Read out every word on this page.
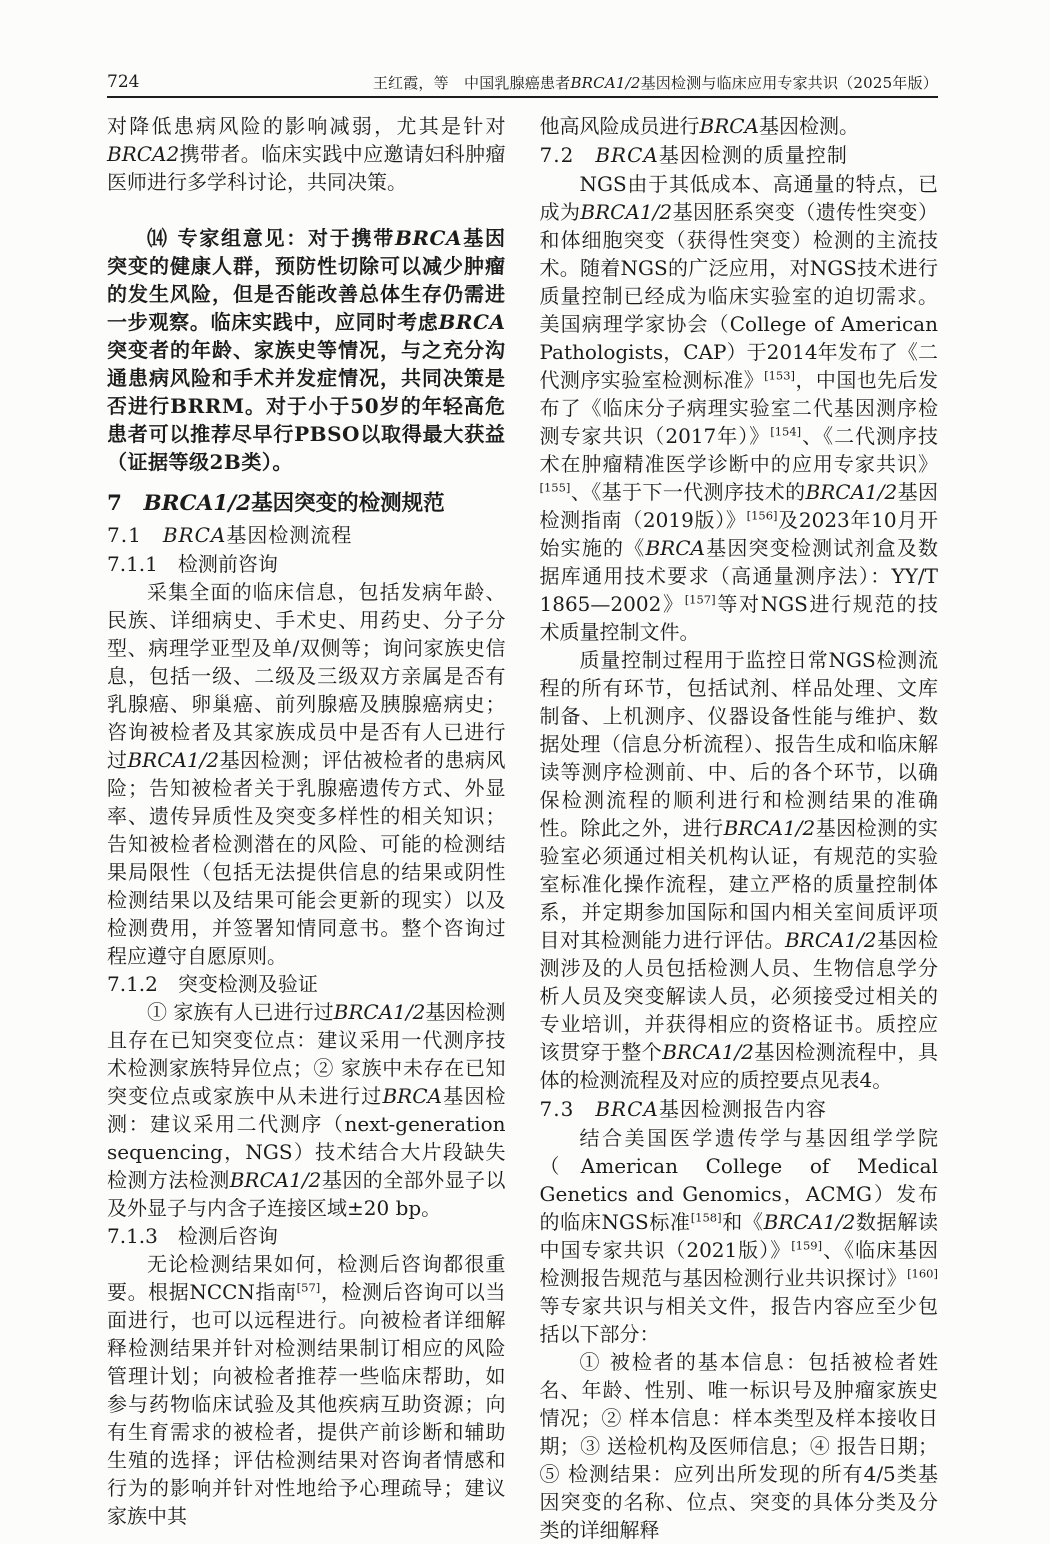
724	王红霞，等　中国乳腺癌患者BRCA1/2基因检测与临床应用专家共识（2025年版）
对降低患病风险的影响减弱，尤其是针对BRCA2携带者。临床实践中应邀请妇科肿瘤医师进行多学科讨论，共同决策。
⒁ 专家组意见：对于携带BRCA基因突变的健康人群，预防性切除可以减少肿瘤的发生风险，但是否能改善总体生存仍需进一步观察。临床实践中，应同时考虑BRCA突变者的年龄、家族史等情况，与之充分沟通患病风险和手术并发症情况，共同决策是否进行BRRM。对于小于50岁的年轻高危患者可以推荐尽早行PBSO以取得最大获益（证据等级2B类）。
7　BRCA1/2基因突变的检测规范
7.1　BRCA基因检测流程
7.1.1　检测前咨询
采集全面的临床信息，包括发病年龄、民族、详细病史、手术史、用药史、分子分型、病理学亚型及单/双侧等；询问家族史信息，包括一级、二级及三级双方亲属是否有乳腺癌、卵巢癌、前列腺癌及胰腺癌病史；咨询被检者及其家族成员中是否有人已进行过BRCA1/2基因检测；评估被检者的患病风险；告知被检者关于乳腺癌遗传方式、外显率、遗传异质性及突变多样性的相关知识；告知被检者检测潜在的风险、可能的检测结果局限性（包括无法提供信息的结果或阴性检测结果以及结果可能会更新的现实）以及检测费用，并签署知情同意书。整个咨询过程应遵守自愿原则。
7.1.2　突变检测及验证
① 家族有人已进行过BRCA1/2基因检测且存在已知突变位点：建议采用一代测序技术检测家族特异位点；② 家族中未存在已知突变位点或家族中从未进行过BRCA基因检测：建议采用二代测序（next-generation sequencing，NGS）技术结合大片段缺失检测方法检测BRCA1/2基因的全部外显子以及外显子与内含子连接区域±20 bp。
7.1.3　检测后咨询
无论检测结果如何，检测后咨询都很重要。根据NCCN指南[57]，检测后咨询可以当面进行，也可以远程进行。向被检者详细解释检测结果并针对检测结果制订相应的风险管理计划；向被检者推荐一些临床帮助，如参与药物临床试验及其他疾病互助资源；向有生育需求的被检者，提供产前诊断和辅助生殖的选择；评估检测结果对咨询者情感和行为的影响并针对性地给予心理疏导；建议家族中其
他高风险成员进行BRCA基因检测。
7.2　BRCA基因检测的质量控制
NGS由于其低成本、高通量的特点，已成为BRCA1/2基因胚系突变（遗传性突变）和体细胞突变（获得性突变）检测的主流技术。随着NGS的广泛应用，对NGS技术进行质量控制已经成为临床实验室的迫切需求。美国病理学家协会（College of American Pathologists，CAP）于2014年发布了《二代测序实验室检测标准》[153]，中国也先后发布了《临床分子病理实验室二代基因测序检测专家共识（2017年）》[154]、《二代测序技术在肿瘤精准医学诊断中的应用专家共识》[155]、《基于下一代测序技术的BRCA1/2基因检测指南（2019版）》[156]及2023年10月开始实施的《BRCA基因突变检测试剂盒及数据库通用技术要求（高通量测序法）：YY/T 1865—2002》[157]等对NGS进行规范的技术质量控制文件。
质量控制过程用于监控日常NGS检测流程的所有环节，包括试剂、样品处理、文库制备、上机测序、仪器设备性能与维护、数据处理（信息分析流程）、报告生成和临床解读等测序检测前、中、后的各个环节，以确保检测流程的顺利进行和检测结果的准确性。除此之外，进行BRCA1/2基因检测的实验室必须通过相关机构认证，有规范的实验室标准化操作流程，建立严格的质量控制体系，并定期参加国际和国内相关室间质评项目对其检测能力进行评估。BRCA1/2基因检测涉及的人员包括检测人员、生物信息学分析人员及突变解读人员，必须接受过相关的专业培训，并获得相应的资格证书。质控应该贯穿于整个BRCA1/2基因检测流程中，具体的检测流程及对应的质控要点见表4。
7.3　BRCA基因检测报告内容
结合美国医学遗传学与基因组学学院（American College of Medical Genetics and Genomics，ACMG）发布的临床NGS标准[158]和《BRCA1/2数据解读中国专家共识（2021版）》[159]、《临床基因检测报告规范与基因检测行业共识探讨》[160]等专家共识与相关文件，报告内容应至少包括以下部分：
① 被检者的基本信息：包括被检者姓名、年龄、性别、唯一标识号及肿瘤家族史情况；② 样本信息：样本类型及样本接收日期；③ 送检机构及医师信息；④ 报告日期；⑤ 检测结果：应列出所发现的所有4/5类基因突变的名称、位点、突变的具体分类及分类的详细解释
